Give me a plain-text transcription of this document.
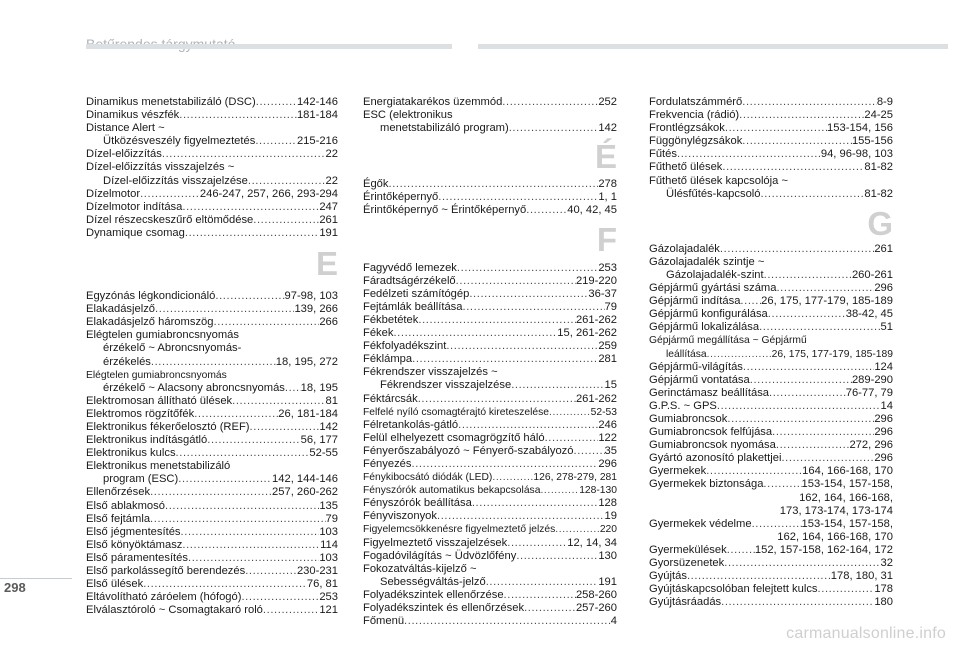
Dinamikus menetstabilizáló (DSC) .....	142-146
Dinamikus vészfék .....	181-184
Distance Alert ~
Ütközésveszély figyelmeztetés .....	215-216
Dízel-előizzítás .....	22
Dízel-előizzítás visszajelzés ~
Dízel-előizzítás visszajelzése .....	22
Dízelmotor .....	246-247, 257, 266, 293-294
Dízelmotor indítása .....	247
Dízel részecskeszűrő eltömődése .....	261
Dynamique csomag .....	191
E
Egyzónás légkondicionáló .....	97-98, 103
Elakadásjelző .....	139, 266
Elakadásjelző háromszög .....	266
Elégtelen gumiabroncsnyomás
érzékelő ~ Abroncsnyomás-
érzékelés .....	18, 195, 272
Elégtelen gumiabroncsnyomás
érzékelő ~ Alacsony abroncsnyomás ..... 18, 195
Elektromosan állítható ülések .....	81
Elektromos rögzítőfék .....	26, 181-184
Elektronikus fékerőelosztó (REF) .....	142
Elektronikus indításgátló .....	56, 177
Elektronikus kulcs .....	52-55
Elektronikus menetstabilizáló
program (ESC) .....	142, 144-146
Ellenőrzések .....	257, 260-262
Első ablakmosó .....	135
Első fejtámla .....	79
Első jégmentesítés .....	103
Első könyöktámasz .....	114
Első páramentesítés .....	103
Első parkolássegítő berendezés .....	230-231
Első ülések .....	76, 81
Eltávolítható záróelem (hófogó) .....	253
Elválasztóroló ~ Csomagtakaró roló .....	121
Energiatakarékos üzemmód .....	252
ESC (elektronikus
menetstabilizáló program) .....	142
É
Égők .....	278
Érintőképernyő .....	1, 1
Érintőképernyő ~ Érintőképernyő .....	40, 42, 45
F
Fagyvédő lemezek .....	253
Fáradtságérzékelő .....	219-220
Fedélzeti számítógép .....	36-37
Fejtámlák beállítása .....	79
Fékbetétek .....	261-262
Fékek .....	15, 261-262
Fékfolyadékszint .....	259
Féklámpa .....	281
Fékrendszer visszajelzés ~
Fékrendszer visszajelzése .....	15
Féktárcsák .....	261-262
Felfelé nyíló csomagtérajtó kireteszelése .....	52-53
Félretankolás-gátló .....	246
Felül elhelyezett csomagrögzítő háló .....	122
Fényerőszabályozó ~ Fényerő-szabályozó .....	35
Fényezés .....	296
Fénykibocsátó diódák (LED) .....	126, 278-279, 281
Fényszórók automatikus bekapcsolása .....	128-130
Fényszórók beállítása .....	128
Fényviszonyok .....	19
Figyelemcsökkenésre figyelmeztető jelzés .....	220
Figyelmeztető visszajelzések .....	12, 14, 34
Fogadóvilágítás ~ Üdvözlőfény .....	130
Fokozatváltás-kijelző ~
Sebességváltás-jelző .....	191
Folyadékszintek ellenőrzése .....	258-260
Folyadékszintek és ellenőrzések .....	257-260
Főmenü .....	4
Fordulatszámmérő .....	8-9
Frekvencia (rádió) .....	24-25
Frontlégzsákok .....	153-154, 156
Függönylégzsákok .....	155-156
Fűtés .....	94, 96-98, 103
Fűthető ülések .....	81-82
Fűthető ülések kapcsolója ~
Ülésfűtés-kapcsoló .....	81-82
G
Gázolajadalék .....	261
Gázolajadalék szintje ~
Gázolajadalék-szint .....	260-261
Gépjármű gyártási száma .....	296
Gépjármű indítása ..... 26, 175, 177-179, 185-189
Gépjármű konfigurálása .....	38-42, 45
Gépjármű lokalizálása .....	51
Gépjármű megállítása ~ Gépjármű
leállítása .....	26, 175, 177-179, 185-189
Gépjármű-világítás .....	124
Gépjármű vontatása .....	289-290
Gerinctámasz beállítása .....	76-77, 79
G.P.S. ~ GPS .....	14
Gumiabroncsok .....	296
Gumiabroncsok felfújása .....	296
Gumiabroncsok nyomása .....	272, 296
Gyártó azonosító plakettjei .....	296
Gyermekek .....	164, 166-168, 170
Gyermekek biztonsága .....	153-154, 157-158,
162, 164, 166-168,
173, 173-174, 173-174
Gyermekek védelme .....	153-154, 157-158,
162, 164, 166-168, 170
Gyermekülések .....	152, 157-158, 162-164, 172
Gyorsüzenetek .....	32
Gyújtás .....	178, 180, 31
Gyújtáskapcsolóban felejtett kulcs .....	178
Gyújtásráadás .....	180
298
carmanualsonline.info
